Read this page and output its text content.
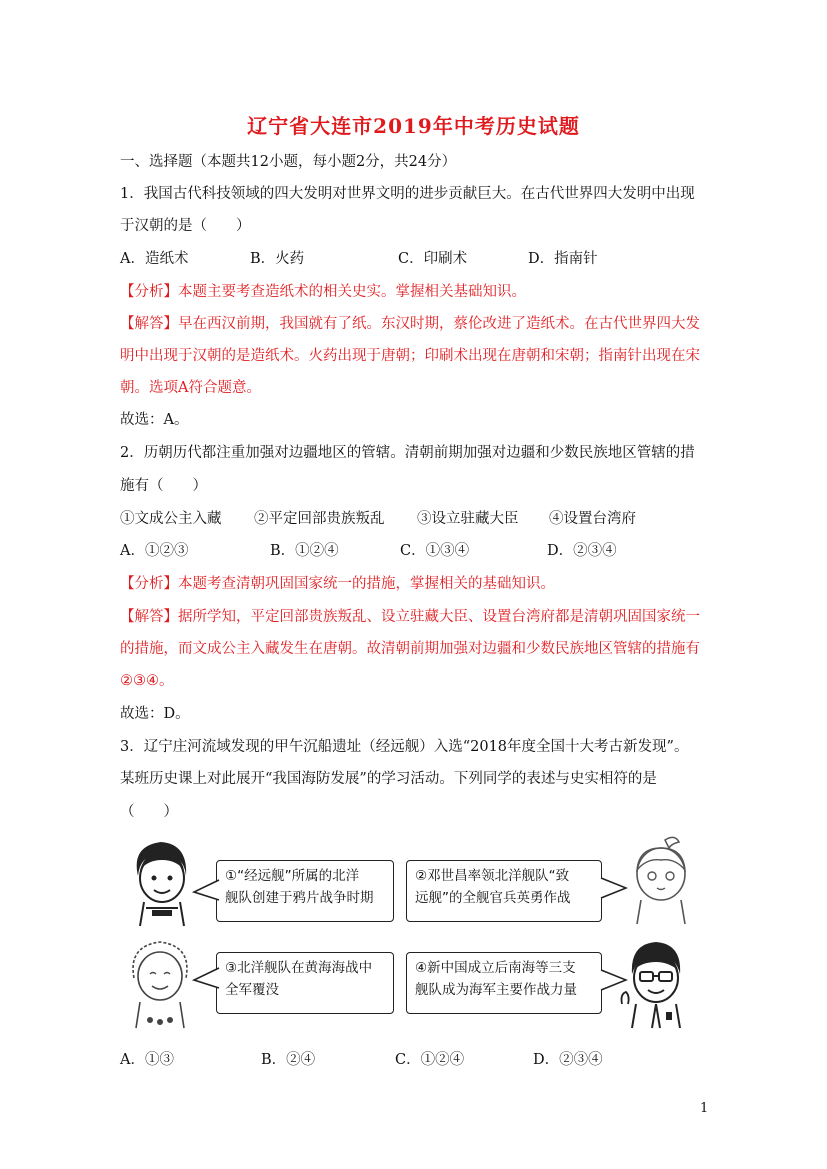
辽宁省大连市2019年中考历史试题
一、选择题（本题共12小题，每小题2分，共24分）
1．我国古代科技领域的四大发明对世界文明的进步贡献巨大。在古代世界四大发明中出现
于汉朝的是（　　）
A．造纸术	B．火药	C．印刷术	D．指南针
【分析】本题主要考查造纸术的相关史实。掌握相关基础知识。
【解答】早在西汉前期，我国就有了纸。东汉时期，蔡伦改进了造纸术。在古代世界四大发
明中出现于汉朝的是造纸术。火药出现于唐朝；印刷术出现在唐朝和宋朝；指南针出现在宋
朝。选项A符合题意。
故选：A。
2．历朝历代都注重加强对边疆地区的管辖。清朝前期加强对边疆和少数民族地区管辖的措
施有（　　）
①文成公主入藏 ②平定回部贵族叛乱 ③设立驻藏大臣 ④设置台湾府
A．①②③	B．①②④	C．①③④	D．②③④
【分析】本题考查清朝巩固国家统一的措施，掌握相关的基础知识。
【解答】据所学知，平定回部贵族叛乱、设立驻藏大臣、设置台湾府都是清朝巩固国家统一
的措施，而文成公主入藏发生在唐朝。故清朝前期加强对边疆和少数民族地区管辖的措施有
②③④。
故选：D。
3．辽宁庄河流域发现的甲午沉船遗址（经远舰）入选“2018年度全国十大考古新发现”。
某班历史课上对此展开“我国海防发展”的学习活动。下列同学的表述与史实相符的是
（　　）
①“经远舰”所属的北洋
舰队创建于鸦片战争时期
②邓世昌率领北洋舰队“致
远舰”的全舰官兵英勇作战
③北洋舰队在黄海海战中
全军覆没
④新中国成立后南海等三支
舰队成为海军主要作战力量
A．①③	B．②④	C．①②④	D．②③④
1
